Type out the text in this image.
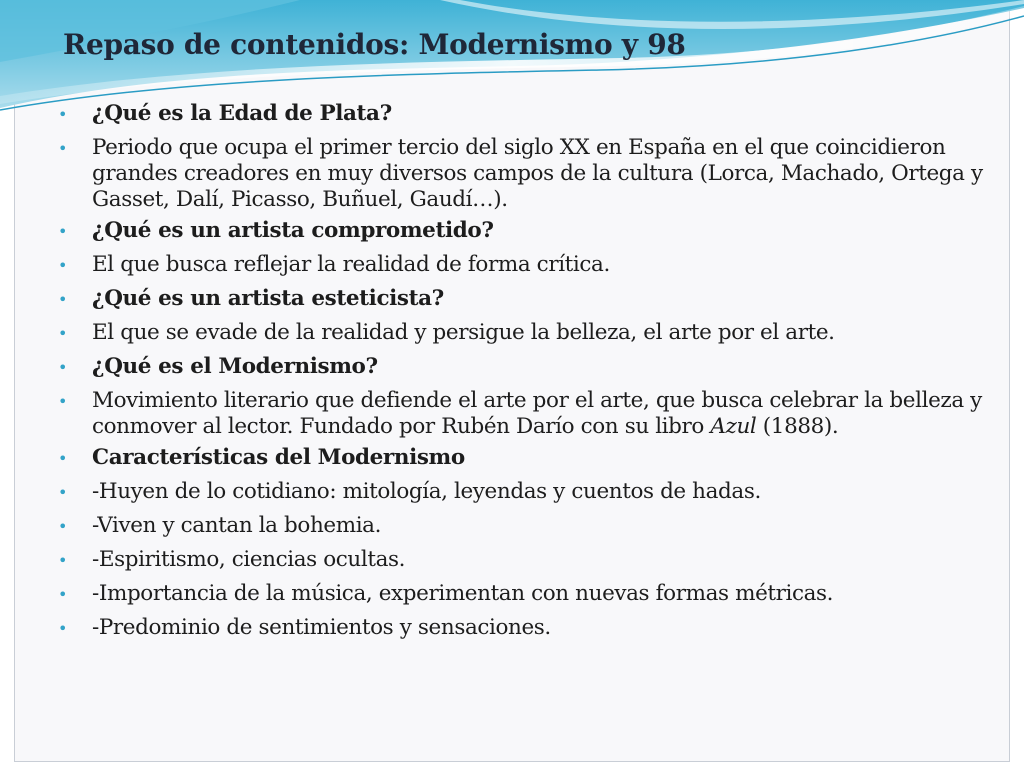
Repaso de contenidos: Modernismo y 98
• ¿Qué es la Edad de Plata?
• Periodo que ocupa el primer tercio del siglo XX en España en el que coincidieron grandes creadores en muy diversos campos de la cultura (Lorca, Machado, Ortega y Gasset, Dalí, Picasso, Buñuel, Gaudí…).
• ¿Qué es un artista comprometido?
• El que busca reflejar la realidad de forma crítica.
• ¿Qué es un artista esteticista?
• El que se evade de la realidad y persigue la belleza, el arte por el arte.
• ¿Qué es el Modernismo?
• Movimiento literario que defiende el arte por el arte, que busca celebrar la belleza y conmover al lector. Fundado por Rubén Darío con su libro Azul (1888).
• Características del Modernismo
• -Huyen de lo cotidiano: mitología, leyendas y cuentos de hadas.
• -Viven y cantan la bohemia.
• -Espiritismo, ciencias ocultas.
• -Importancia de la música, experimentan con nuevas formas métricas.
• -Predominio de sentimientos y sensaciones.
